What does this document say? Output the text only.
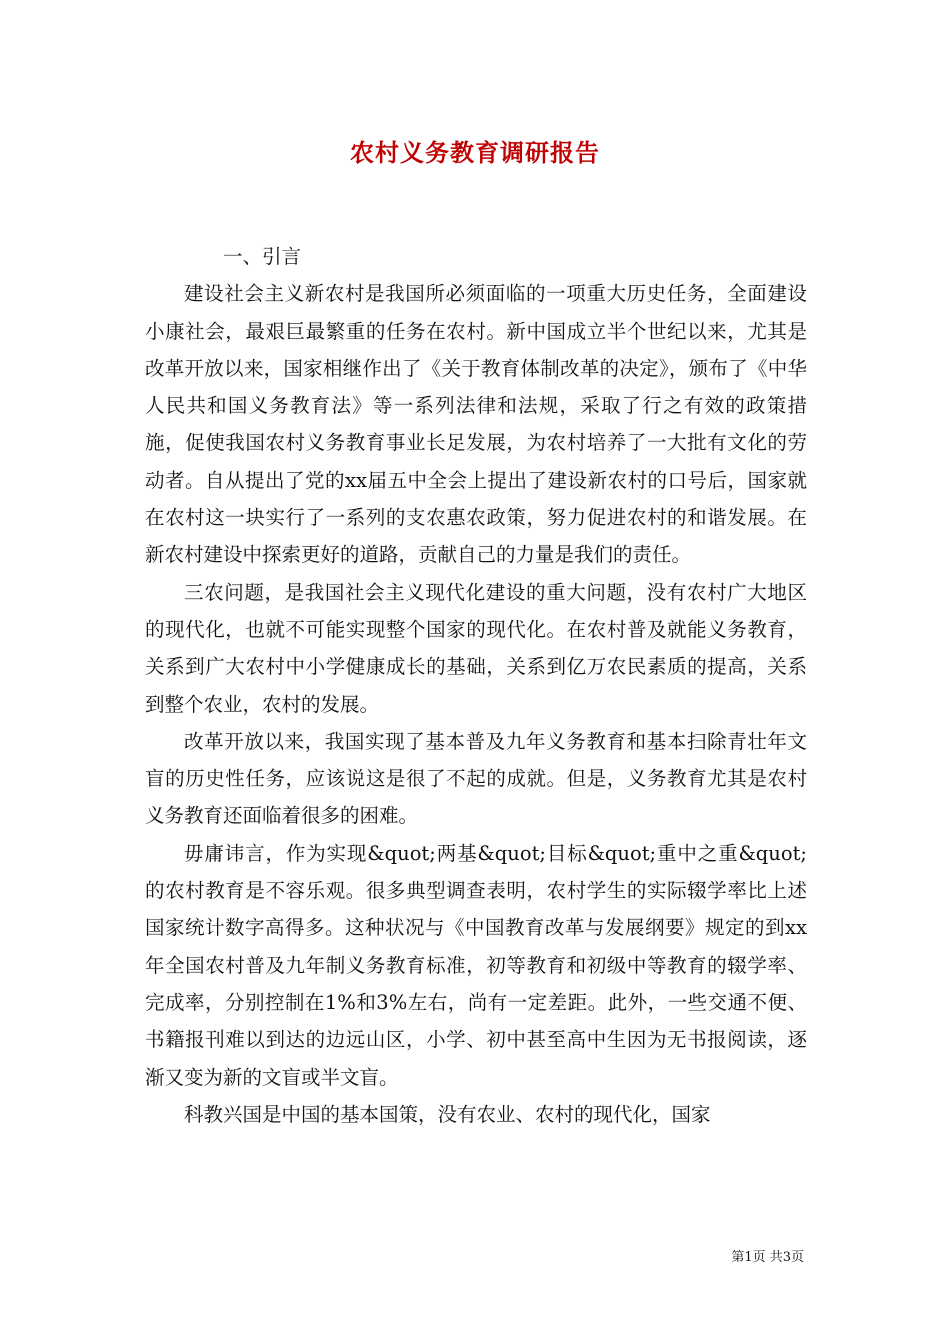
农村义务教育调研报告

一、引言

建设社会主义新农村是我国所必须面临的一项重大历史任务，全面建设小康社会，最艰巨最繁重的任务在农村。新中国成立半个世纪以来，尤其是改革开放以来，国家相继作出了《关于教育体制改革的决定》，颁布了《中华人民共和国义务教育法》等一系列法律和法规，采取了行之有效的政策措施，促使我国农村义务教育事业长足发展，为农村培养了一大批有文化的劳动者。自从提出了党的xx届五中全会上提出了建设新农村的口号后，国家就在农村这一块实行了一系列的支农惠农政策，努力促进农村的和谐发展。在新农村建设中探索更好的道路，贡献自己的力量是我们的责任。

三农问题，是我国社会主义现代化建设的重大问题，没有农村广大地区的现代化，也就不可能实现整个国家的现代化。在农村普及就能义务教育，关系到广大农村中小学健康成长的基础，关系到亿万农民素质的提高，关系到整个农业，农村的发展。

改革开放以来，我国实现了基本普及九年义务教育和基本扫除青壮年文盲的历史性任务，应该说这是很了不起的成就。但是，义务教育尤其是农村义务教育还面临着很多的困难。

毋庸讳言，作为实现&quot;两基&quot;目标&quot;重中之重&quot;的农村教育是不容乐观。很多典型调查表明，农村学生的实际辍学率比上述国家统计数字高得多。这种状况与《中国教育改革与发展纲要》规定的到xx年全国农村普及九年制义务教育标准，初等教育和初级中等教育的辍学率、完成率，分别控制在1%和3%左右，尚有一定差距。此外，一些交通不便、书籍报刊难以到达的边远山区，小学、初中甚至高中生因为无书报阅读，逐渐又变为新的文盲或半文盲。

科教兴国是中国的基本国策，没有农业、农村的现代化，国家

第1页 共3页
